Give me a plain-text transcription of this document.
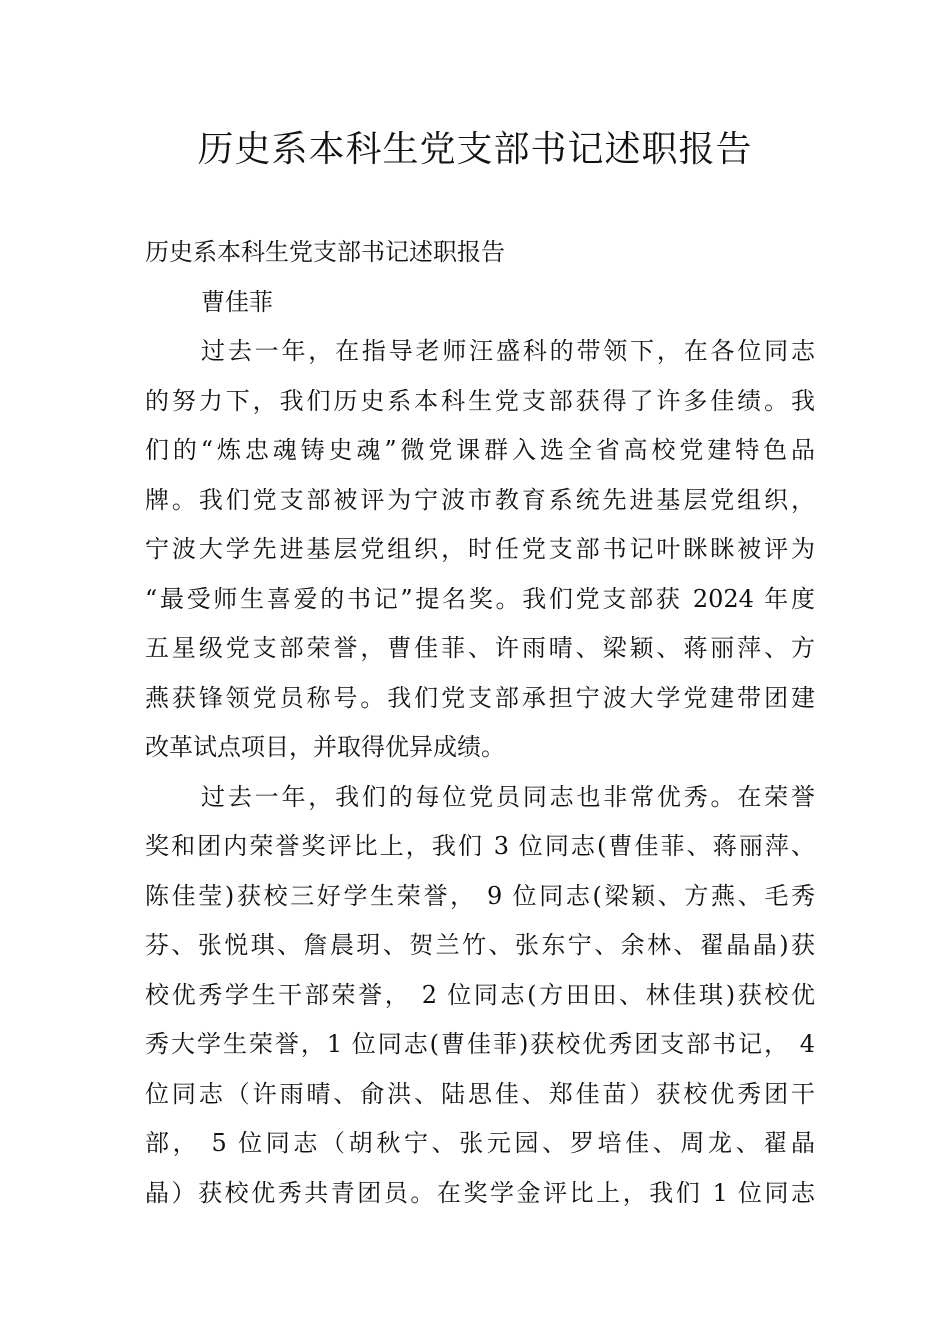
历史系本科生党支部书记述职报告
历史系本科生党支部书记述职报告
曹佳菲

过去一年，在指导老师汪盛科的带领下，在各位同志
的努力下，我们历史系本科生党支部获得了许多佳绩。我
们的“炼忠魂铸史魂”微党课群入选全省高校党建特色品
牌。我们党支部被评为宁波市教育系统先进基层党组织，
宁波大学先进基层党组织，时任党支部书记叶眯眯被评为
“最受师生喜爱的书记”提名奖。我们党支部获 2024 年度
五星级党支部荣誉，曹佳菲、许雨晴、梁颖、蒋丽萍、方
燕获锋领党员称号。我们党支部承担宁波大学党建带团建
改革试点项目，并取得优异成绩。

过去一年，我们的每位党员同志也非常优秀。在荣誉
奖和团内荣誉奖评比上，我们 3 位同志(曹佳菲、蒋丽萍、
陈佳莹)获校三好学生荣誉， 9 位同志(梁颖、方燕、毛秀
芬、张悦琪、詹晨玥、贺兰竹、张东宁、余林、翟晶晶)获
校优秀学生干部荣誉， 2 位同志(方田田、林佳琪)获校优
秀大学生荣誉，1 位同志(曹佳菲)获校优秀团支部书记， 4
位同志（许雨晴、俞洪、陆思佳、郑佳苗）获校优秀团干
部， 5 位同志（胡秋宁、张元园、罗培佳、周龙、翟晶
晶）获校优秀共青团员。在奖学金评比上，我们 1 位同志
